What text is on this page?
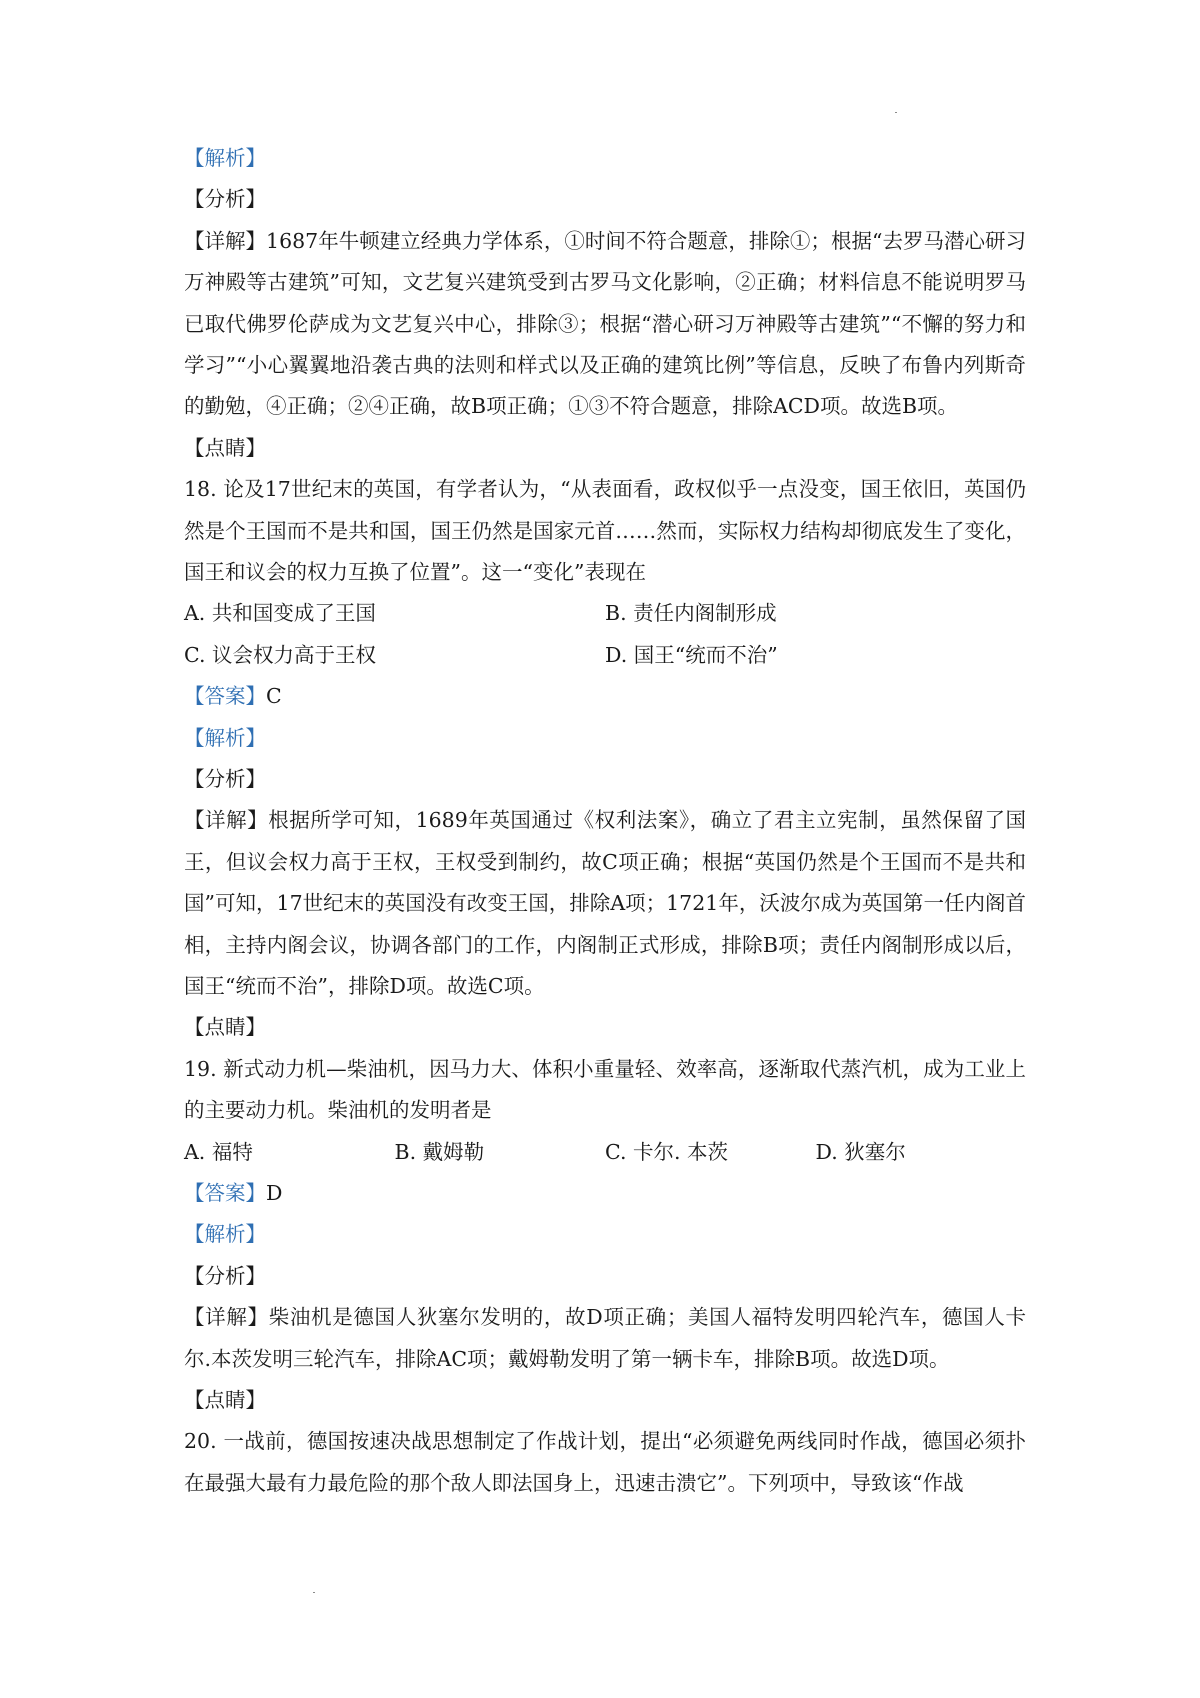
【解析】
【分析】
【详解】1687年牛顿建立经典力学体系，①时间不符合题意，排除①；根据“去罗马潜心研习万神殿等古建筑”可知，文艺复兴建筑受到古罗马文化影响，②正确；材料信息不能说明罗马已取代佛罗伦萨成为文艺复兴中心，排除③；根据“潜心研习万神殿等古建筑”“不懈的努力和学习”“小心翼翼地沿袭古典的法则和样式以及正确的建筑比例”等信息，反映了布鲁内列斯奇的勤勉，④正确；②④正确，故B项正确；①③不符合题意，排除ACD项。故选B项。
【点睛】
18. 论及17世纪末的英国，有学者认为，“从表面看，政权似乎一点没变，国王依旧，英国仍然是个王国而不是共和国，国王仍然是国家元首……然而，实际权力结构却彻底发生了变化，国王和议会的权力互换了位置”。这一“变化”表现在
A. 共和国变成了王国	B. 责任内阁制形成
C. 议会权力高于王权	D. 国王“统而不治”
【答案】C
【解析】
【分析】
【详解】根据所学可知，1689年英国通过《权利法案》，确立了君主立宪制，虽然保留了国王，但议会权力高于王权，王权受到制约，故C项正确；根据“英国仍然是个王国而不是共和国”可知，17世纪末的英国没有改变王国，排除A项；1721年，沃波尔成为英国第一任内阁首相，主持内阁会议，协调各部门的工作，内阁制正式形成，排除B项；责任内阁制形成以后，国王“统而不治”，排除D项。故选C项。
【点睛】
19. 新式动力机—柴油机，因马力大、体积小重量轻、效率高，逐渐取代蒸汽机，成为工业上的主要动力机。柴油机的发明者是
A. 福特	B. 戴姆勒	C. 卡尔. 本茨	D. 狄塞尔
【答案】D
【解析】
【分析】
【详解】柴油机是德国人狄塞尔发明的，故D项正确；美国人福特发明四轮汽车，德国人卡尔.本茨发明三轮汽车，排除AC项；戴姆勒发明了第一辆卡车，排除B项。故选D项。
【点睛】
20. 一战前，德国按速决战思想制定了作战计划，提出“必须避免两线同时作战，德国必须扑在最强大最有力最危险的那个敌人即法国身上，迅速击溃它”。下列项中，导致该“作战
